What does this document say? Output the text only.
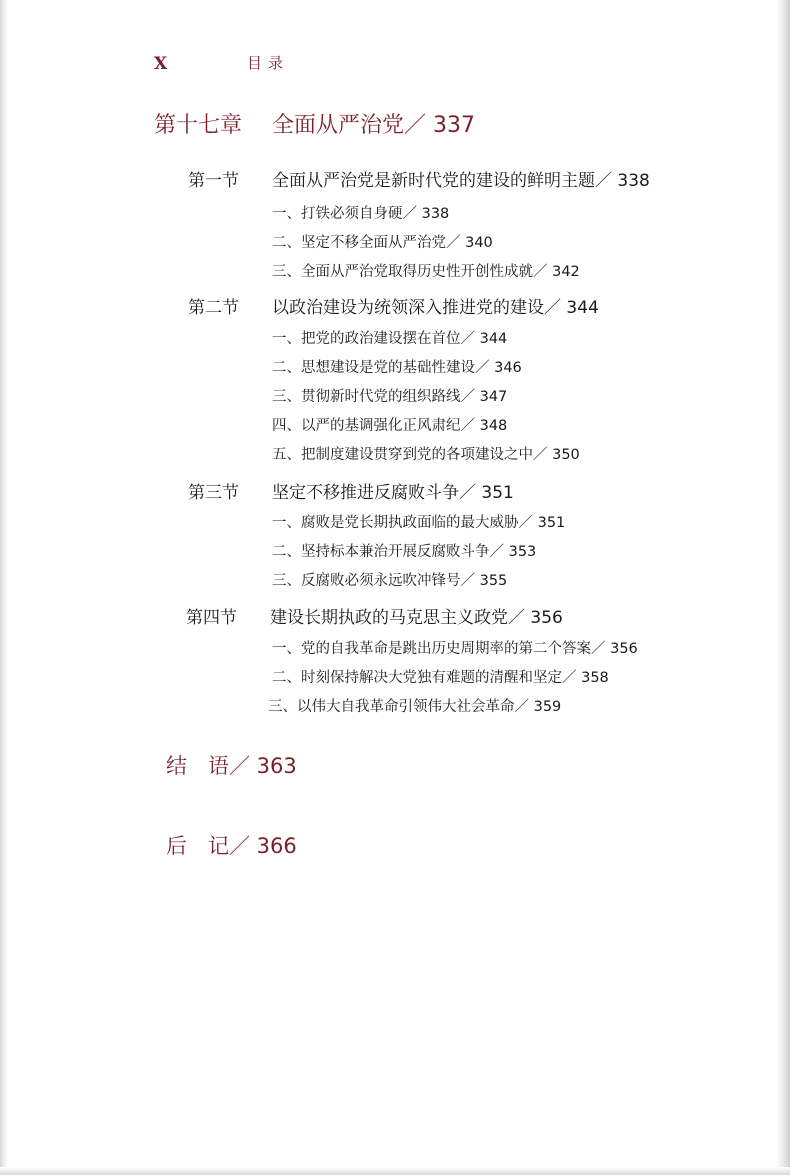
X	目录
第十七章 全面从严治党／ 337
第一节 全面从严治党是新时代党的建设的鲜明主题／ 338
一、打铁必须自身硬／ 338
二、坚定不移全面从严治党／ 340
三、全面从严治党取得历史性开创性成就／ 342
第二节 以政治建设为统领深入推进党的建设／ 344
一、把党的政治建设摆在首位／ 344
二、思想建设是党的基础性建设／ 346
三、贯彻新时代党的组织路线／ 347
四、以严的基调强化正风肃纪／ 348
五、把制度建设贯穿到党的各项建设之中／ 350
第三节 坚定不移推进反腐败斗争／ 351
一、腐败是党长期执政面临的最大威胁／ 351
二、坚持标本兼治开展反腐败斗争／ 353
三、反腐败必须永远吹冲锋号／ 355
第四节 建设长期执政的马克思主义政党／ 356
一、党的自我革命是跳出历史周期率的第二个答案／ 356
二、时刻保持解决大党独有难题的清醒和坚定／ 358
三、以伟大自我革命引领伟大社会革命／ 359
结　语／ 363
后　记／ 366
